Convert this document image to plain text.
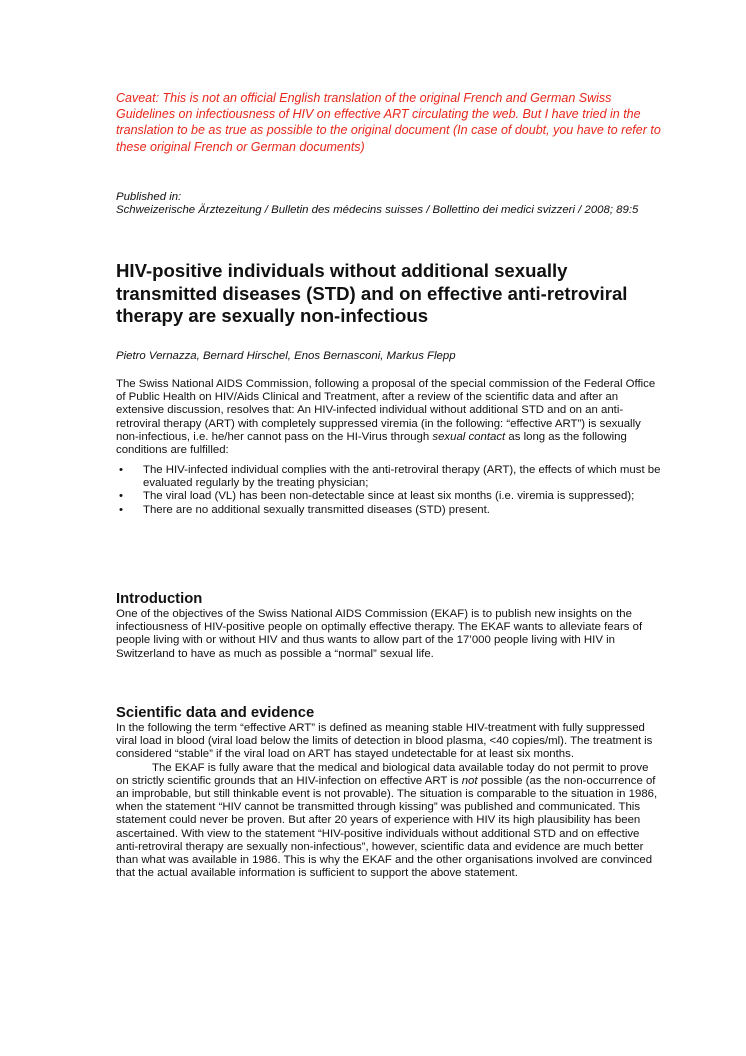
Caveat: This is not an official English translation of the original French and German Swiss Guidelines on infectiousness of HIV on effective ART circulating the web. But I have tried in the translation to be as true as possible to the original document (In case of doubt, you have to refer to these original French or German documents)

Published in:
Schweizerische Ärztezeitung / Bulletin des médecins suisses / Bollettino dei medici svizzeri / 2008; 89:5
HIV-positive individuals without additional sexually transmitted diseases (STD) and on effective anti-retroviral therapy are sexually non-infectious

Pietro Vernazza, Bernard Hirschel, Enos Bernasconi, Markus Flepp

The Swiss National AIDS Commission, following a proposal of the special commission of the Federal Office of Public Health on HIV/Aids Clinical and Treatment, after a review of the scientific data and after an extensive discussion, resolves that: An HIV-infected individual without additional STD and on an anti-retroviral therapy (ART) with completely suppressed viremia (in the following: “effective ART”) is sexually non-infectious, i.e. he/her cannot pass on the HI-Virus through sexual contact as long as the following conditions are fulfilled:

• The HIV-infected individual complies with the anti-retroviral therapy (ART), the effects of which must be evaluated regularly by the treating physician;
• The viral load (VL) has been non-detectable since at least six months (i.e. viremia is suppressed);
• There are no additional sexually transmitted diseases (STD) present.
Introduction

One of the objectives of the Swiss National AIDS Commission (EKAF) is to publish new insights on the infectiousness of HIV-positive people on optimally effective therapy. The EKAF wants to alleviate fears of people living with or without HIV and thus wants to allow part of the 17’000 people living with HIV in Switzerland to have as much as possible a “normal” sexual life.

Scientific data and evidence

In the following the term “effective ART” is defined as meaning stable HIV-treatment with fully suppressed viral load in blood (viral load below the limits of detection in blood plasma, <40 copies/ml). The treatment is considered “stable” if the viral load on ART has stayed undetectable for at least six months.

The EKAF is fully aware that the medical and biological data available today do not permit to prove on strictly scientific grounds that an HIV-infection on effective ART is not possible (as the non-occurrence of an improbable, but still thinkable event is not provable). The situation is comparable to the situation in 1986, when the statement “HIV cannot be transmitted through kissing” was published and communicated. This statement could never be proven. But after 20 years of experience with HIV its high plausibility has been ascertained. With view to the statement “HIV-positive individuals without additional STD and on effective anti-retroviral therapy are sexually non-infectious”, however, scientific data and evidence are much better than what was available in 1986. This is why the EKAF and the other organisations involved are convinced that the actual available information is sufficient to support the above statement.
